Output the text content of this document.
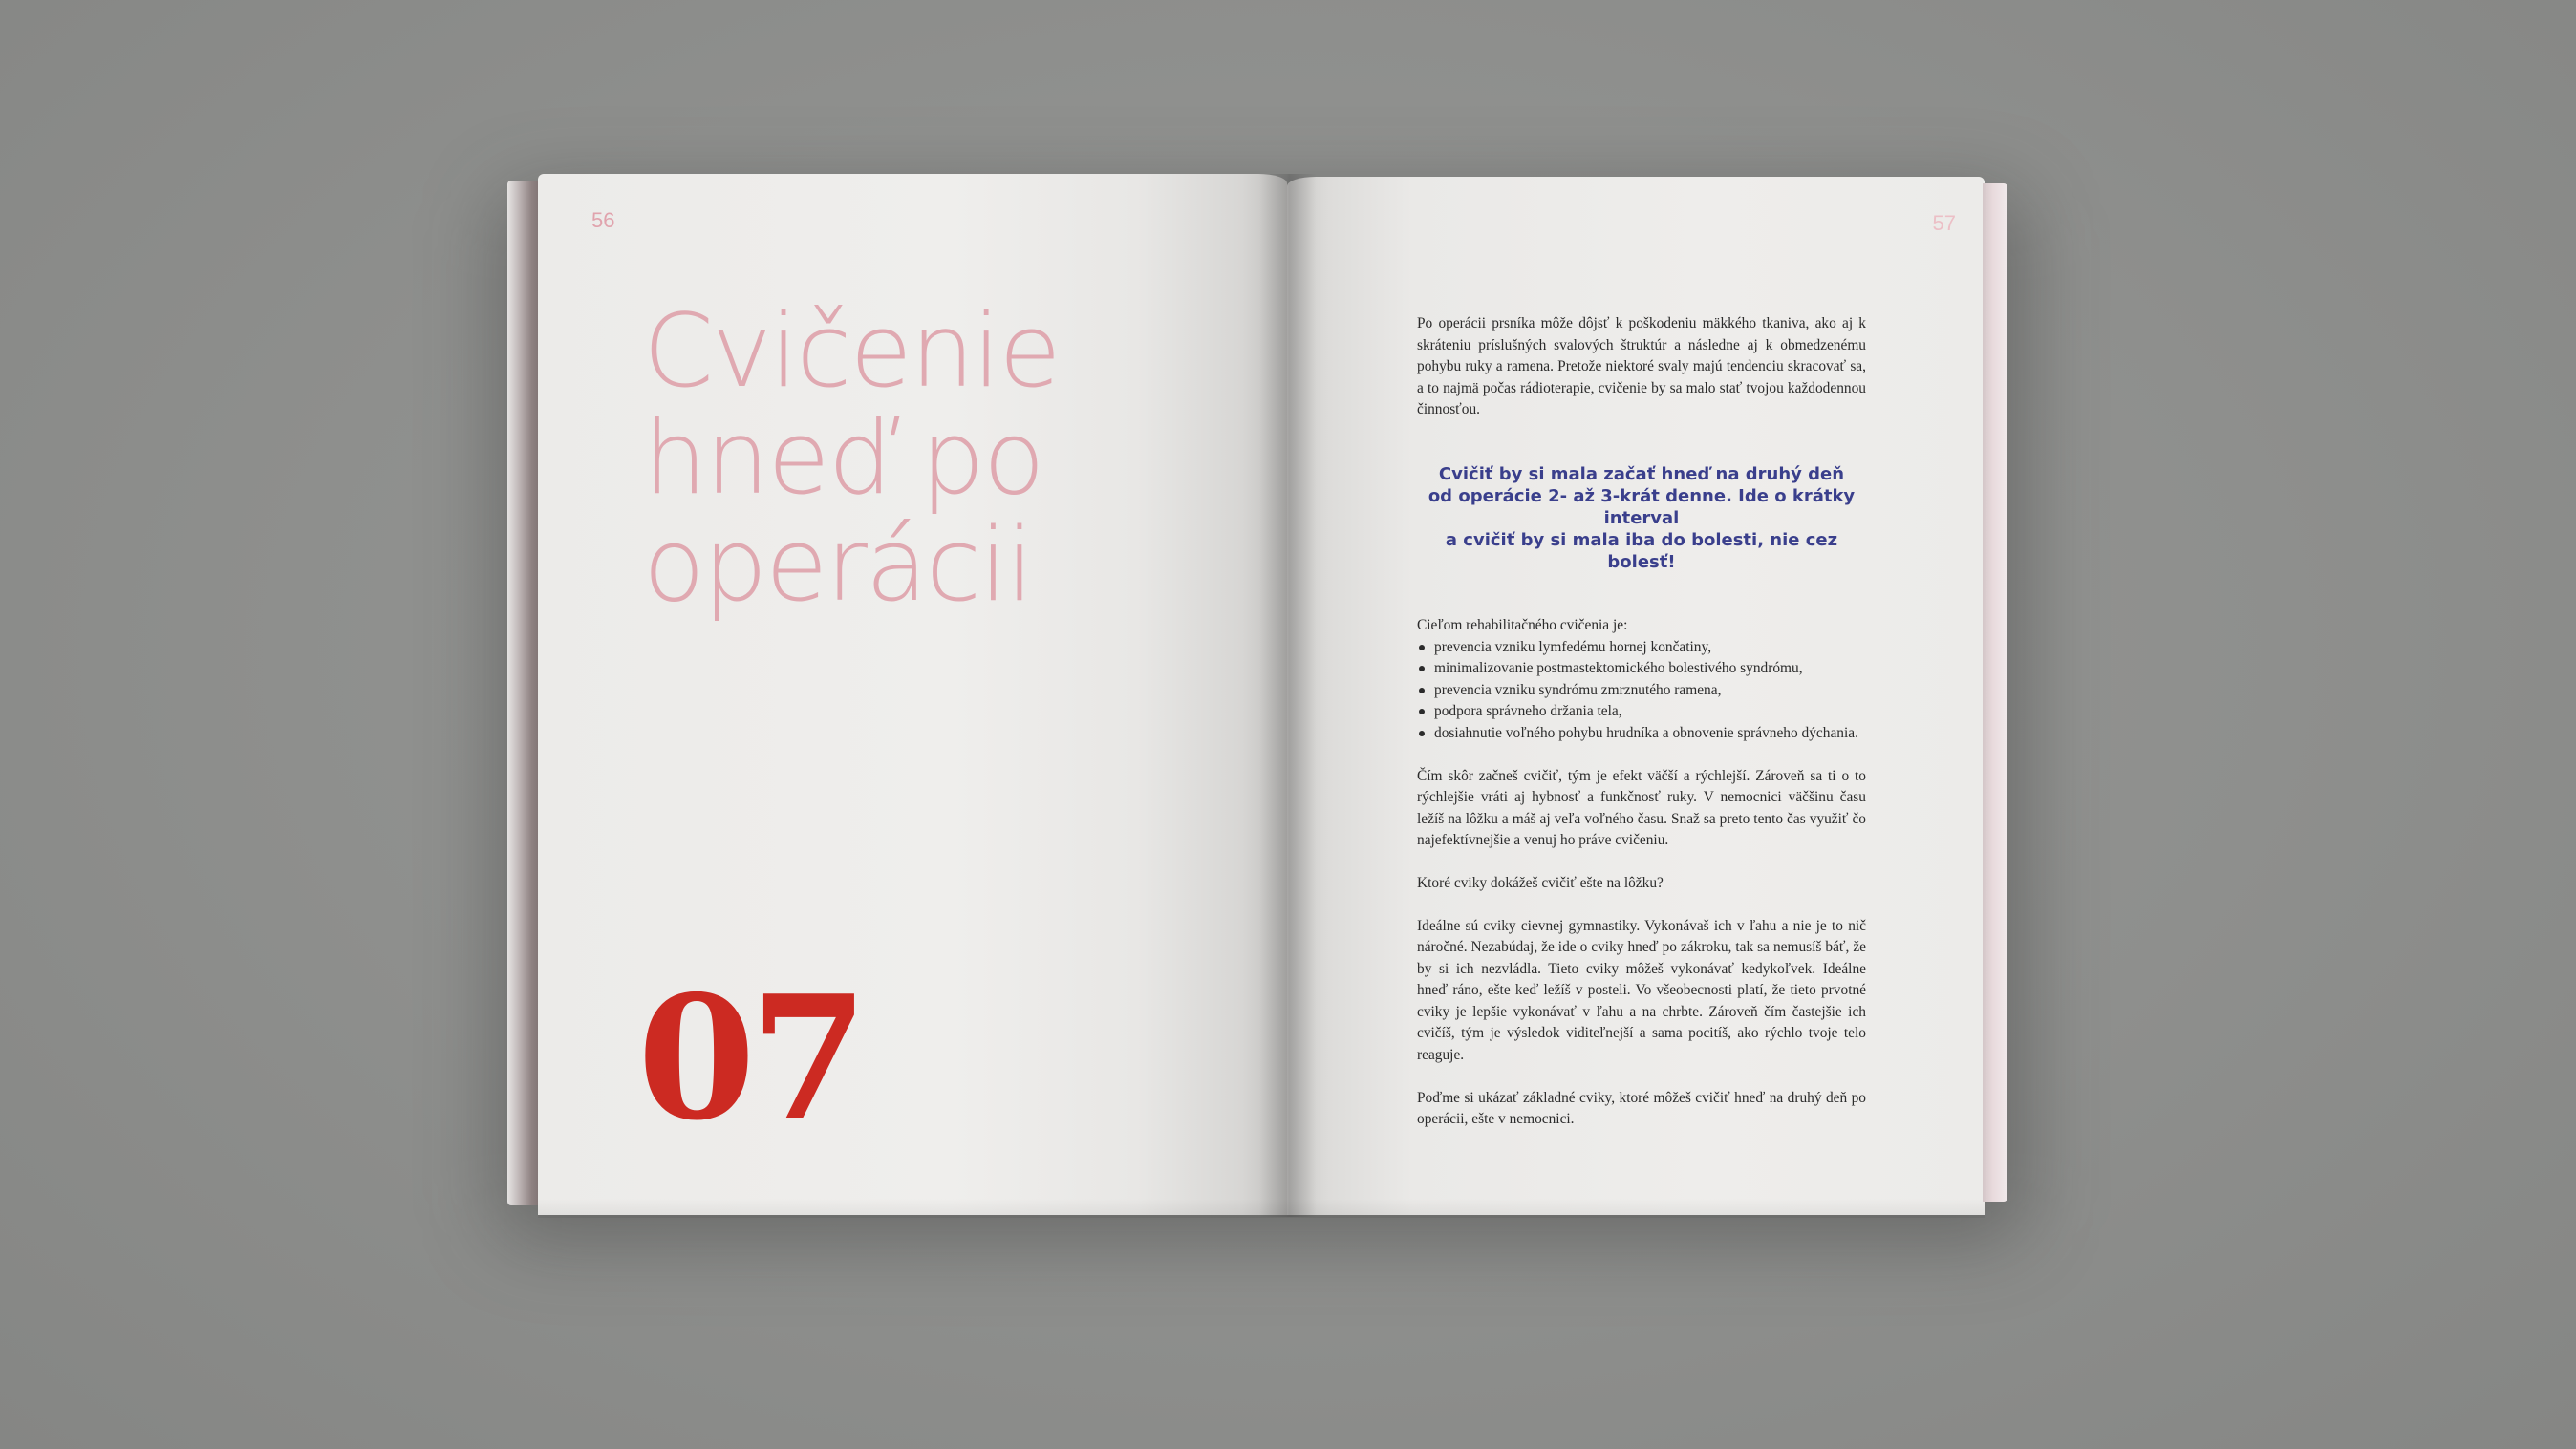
56
Cvičenie
hneď po
operácii
07
57

Po operácii prsníka môže dôjsť k poškodeniu mäkkého tkaniva, ako aj k skráteniu príslušných svalových štruktúr a následne aj k obmedzenému pohybu ruky a ramena. Pretože niektoré svaly majú tendenciu skracovať sa, a to najmä počas rádioterapie, cvičenie by sa malo stať tvojou každodennou činnosťou.

Cvičiť by si mala začať hneď na druhý deň
od operácie 2- až 3-krát denne. Ide o krátky interval
a cvičiť by si mala iba do bolesti, nie cez bolesť!

Cieľom rehabilitačného cvičenia je:

prevencia vzniku lymfedému hornej končatiny,
minimalizovanie postmastektomického bolestivého syndrómu,
prevencia vzniku syndrómu zmrznutého ramena,
podpora správneho držania tela,
dosiahnutie voľného pohybu hrudníka a obnovenie správneho dýchania.

Čím skôr začneš cvičiť, tým je efekt väčší a rýchlejší. Zároveň sa ti o to rýchlejšie vráti aj hybnosť a funkčnosť ruky. V nemocnici väčšinu času ležíš na lôžku a máš aj veľa voľného času. Snaž sa preto tento čas využiť čo najefektívnejšie a venuj ho práve cvičeniu.

Ktoré cviky dokážeš cvičiť ešte na lôžku?

Ideálne sú cviky cievnej gymnastiky. Vykonávaš ich v ľahu a nie je to nič náročné. Nezabúdaj, že ide o cviky hneď po zákroku, tak sa nemusíš báť, že by si ich nezvládla. Tieto cviky môžeš vykonávať kedykoľvek. Ideálne hneď ráno, ešte keď ležíš v posteli. Vo všeobecnosti platí, že tieto prvotné cviky je lepšie vykonávať v ľahu a na chrbte. Zároveň čím častejšie ich cvičíš, tým je výsledok viditeľnejší a sama pocitíš, ako rýchlo tvoje telo reaguje.

Poďme si ukázať základné cviky, ktoré môžeš cvičiť hneď na druhý deň po operácii, ešte v nemocnici.
